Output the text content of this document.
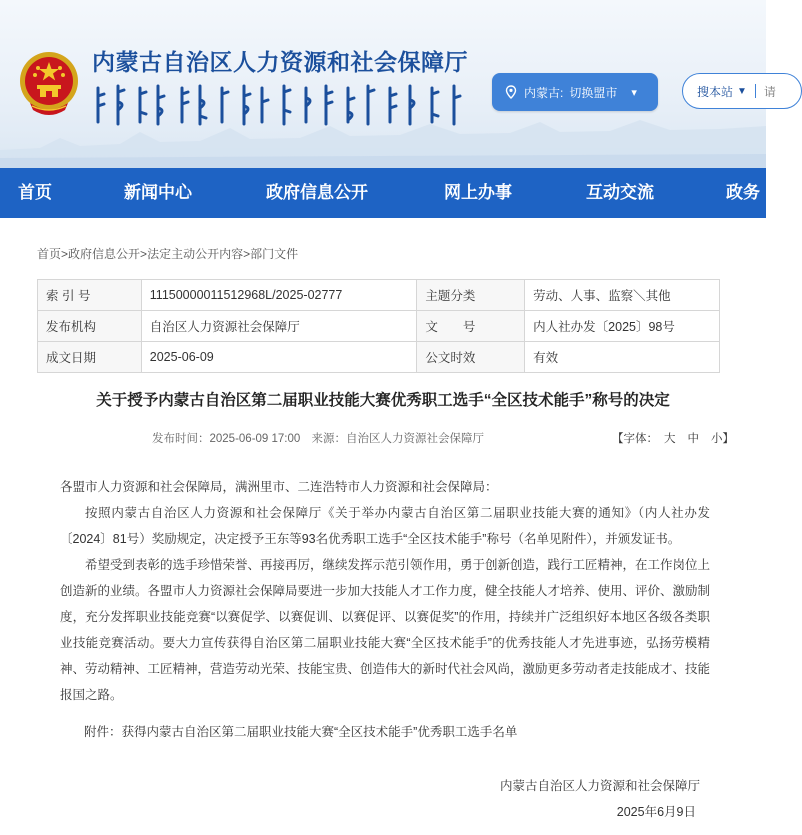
内蒙古自治区人力资源和社会保障厅
内蒙古: 切换盟市 ▾	搜本站 ▼ 请
首页	新闻中心	政府信息公开	网上办事	互动交流	政务
首页>政府信息公开>法定主动公开内容>部门文件
索 引 号	11150000011512968L/2025-02777	主题分类	劳动、人事、监察＼其他
发布机构	自治区人力资源社会保障厅	文　　号	内人社办发〔2025〕98号
成文日期	2025-06-09	公文时效	有效
关于授予内蒙古自治区第二届职业技能大赛优秀职工选手“全区技术能手”称号的决定
发布时间：2025-06-09 17:00 来源：自治区人力资源社会保障厅	【字体： 大 中 小】

各盟市人力资源和社会保障局，满洲里市、二连浩特市人力资源和社会保障局：

按照内蒙古自治区人力资源和社会保障厅《关于举办内蒙古自治区第二届职业技能大赛的通知》（内人社办发〔2024〕81号）奖励规定，决定授予王东等93名优秀职工选手“全区技术能手”称号（名单见附件），并颁发证书。

希望受到表彰的选手珍惜荣誉、再接再厉，继续发挥示范引领作用，勇于创新创造，践行工匠精神，在工作岗位上创造新的业绩。各盟市人力资源社会保障局要进一步加大技能人才工作力度，健全技能人才培养、使用、评价、激励制度，充分发挥职业技能竞赛“以赛促学、以赛促训、以赛促评、以赛促奖”的作用，持续并广泛组织好本地区各级各类职业技能竞赛活动。要大力宣传获得自治区第二届职业技能大赛“全区技术能手”的优秀技能人才先进事迹，弘扬劳模精神、劳动精神、工匠精神，营造劳动光荣、技能宝贵、创造伟大的新时代社会风尚，激励更多劳动者走技能成才、技能报国之路。

附件：获得内蒙古自治区第二届职业技能大赛“全区技术能手”优秀职工选手名单
内蒙古自治区人力资源和社会保障厅
2025年6月9日
